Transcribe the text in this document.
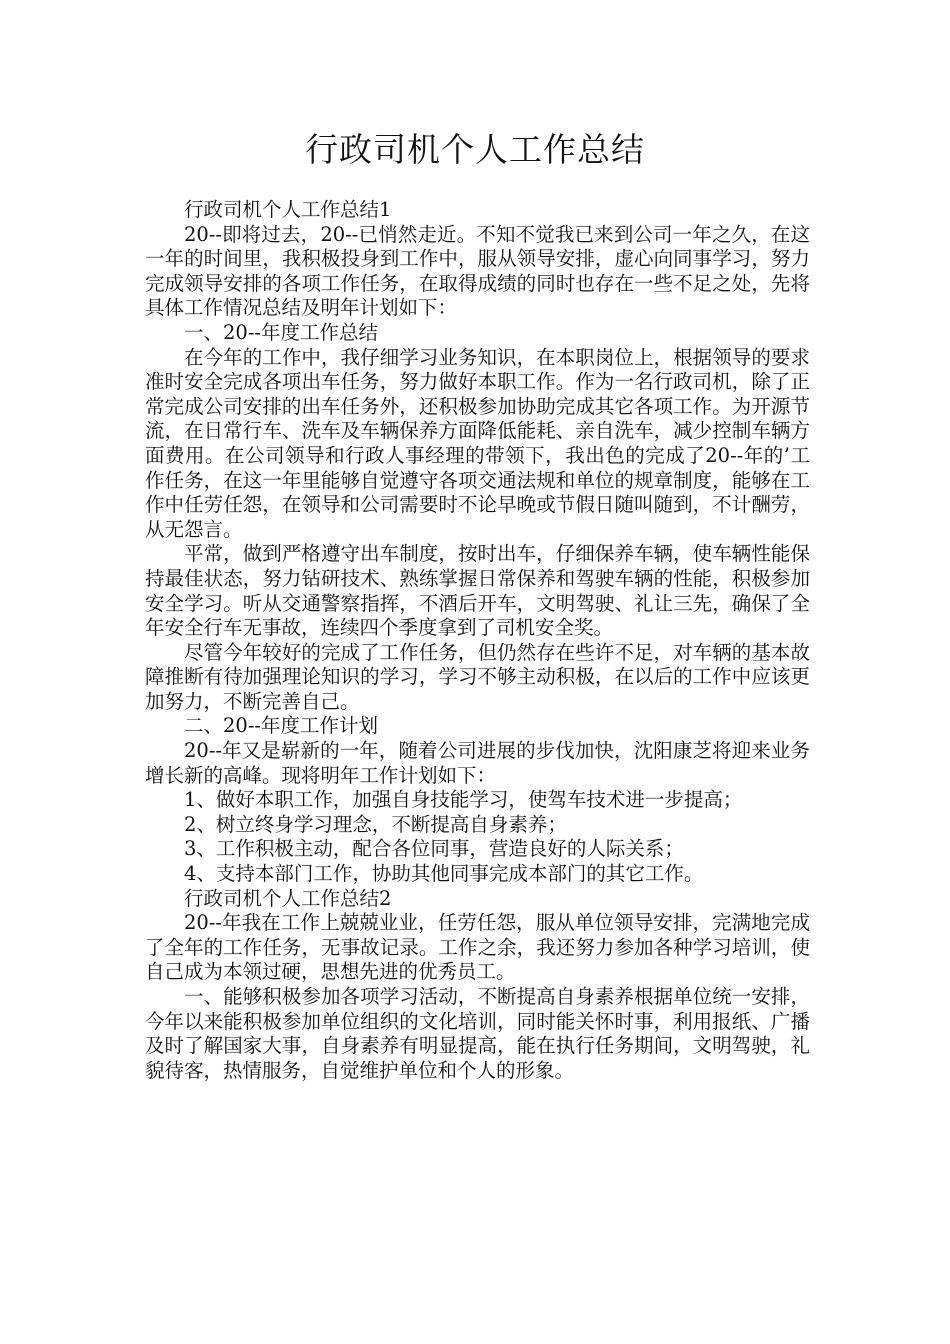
行政司机个人工作总结

行政司机个人工作总结1

20--即将过去，20--已悄然走近。不知不觉我已来到公司一年之久，在这一年的时间里，我积极投身到工作中，服从领导安排，虚心向同事学习，努力完成领导安排的各项工作任务，在取得成绩的同时也存在一些不足之处，先将具体工作情况总结及明年计划如下：

一、20--年度工作总结

在今年的工作中，我仔细学习业务知识，在本职岗位上，根据领导的要求准时安全完成各项出车任务，努力做好本职工作。作为一名行政司机，除了正常完成公司安排的出车任务外，还积极参加协助完成其它各项工作。为开源节流，在日常行车、洗车及车辆保养方面降低能耗、亲自洗车，减少控制车辆方面费用。在公司领导和行政人事经理的带领下，我出色的完成了20--年的’工作任务，在这一年里能够自觉遵守各项交通法规和单位的规章制度，能够在工作中任劳任怨，在领导和公司需要时不论早晚或节假日随叫随到，不计酬劳，从无怨言。

平常，做到严格遵守出车制度，按时出车，仔细保养车辆，使车辆性能保持最佳状态，努力钻研技术、熟练掌握日常保养和驾驶车辆的性能，积极参加安全学习。听从交通警察指挥，不酒后开车，文明驾驶、礼让三先，确保了全年安全行车无事故，连续四个季度拿到了司机安全奖。

尽管今年较好的完成了工作任务，但仍然存在些许不足，对车辆的基本故障推断有待加强理论知识的学习，学习不够主动积极，在以后的工作中应该更加努力，不断完善自己。

二、20--年度工作计划

20--年又是崭新的一年，随着公司进展的步伐加快，沈阳康芝将迎来业务增长新的高峰。现将明年工作计划如下：

1、做好本职工作，加强自身技能学习，使驾车技术进一步提高；

2、树立终身学习理念，不断提高自身素养；

3、工作积极主动，配合各位同事，营造良好的人际关系；

4、支持本部门工作，协助其他同事完成本部门的其它工作。

行政司机个人工作总结2

20--年我在工作上兢兢业业，任劳任怨，服从单位领导安排，完满地完成了全年的工作任务，无事故记录。工作之余，我还努力参加各种学习培训，使自己成为本领过硬，思想先进的优秀员工。

一、能够积极参加各项学习活动，不断提高自身素养根据单位统一安排，今年以来能积极参加单位组织的文化培训，同时能关怀时事，利用报纸、广播及时了解国家大事，自身素养有明显提高，能在执行任务期间，文明驾驶，礼貌待客，热情服务，自觉维护单位和个人的形象。
